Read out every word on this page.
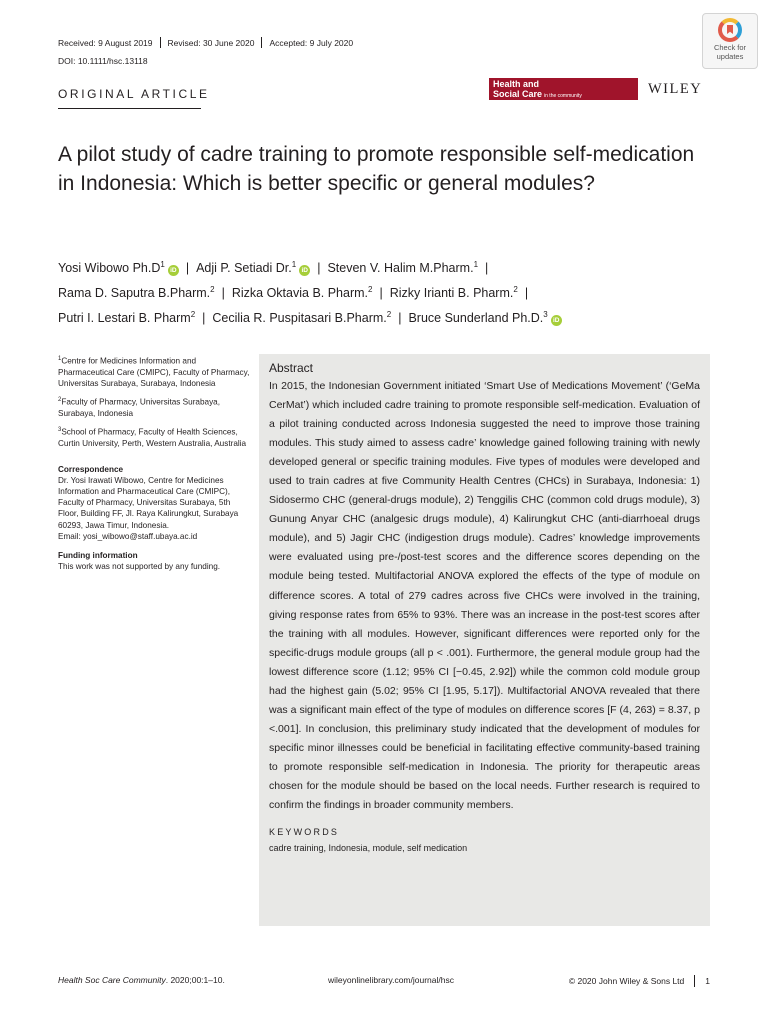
Received: 9 August 2019 Revised: 30 June 2020 Accepted: 9 July 2020
DOI: 10.1111/hsc.13118
Check for
updates
ORIGINAL ARTICLE
Health and
Social Care in the community	WILEY
A pilot study of cadre training to promote responsible self-medication in Indonesia: Which is better specific or general modules?
Yosi Wibowo $Ph.D^1iD$ | Adji P. Setiadi Dr.$^1$iD | Steven V. Halim M.Pharm.$^1$ |
Rama D. Saputra B.Pharm.$^2$ | Rizka Oktavia B. Pharm.$^2$ | Rizky Irianti B. Pharm.$^2$ |
Putri I. Lestari B. Pharm$^2$ | Cecilia R. Puspitasari B.Pharm.$^2$ | Bruce Sunderland Ph.D.$^3$iD

$^1$Centre for Medicines Information and Pharmaceutical Care (CMIPC), Faculty of Pharmacy, Universitas Surabaya, Surabaya, Indonesia

$^2$Faculty of Pharmacy, Universitas Surabaya, Surabaya, Indonesia

$^3$School of Pharmacy, Faculty of Health Sciences, Curtin University, Perth, Western Australia, Australia

Correspondence

Dr. Yosi Irawati Wibowo, Centre for Medicines Information and Pharmaceutical Care (CMIPC), Faculty of Pharmacy, Universitas Surabaya, 5th Floor, Building FF, Jl. Raya Kalirungkut, Surabaya 60293, Jawa Timur, Indonesia.

Email: yosi_wibowo@staff.ubaya.ac.id

Funding information

This work was not supported by any funding.

Abstract
In 2015, the Indonesian Government initiated ‘Smart Use of Medications Movement’ (‘GeMa CerMat’) which included cadre training to promote responsible self-medication. Evaluation of a pilot training conducted across Indonesia suggested the need to improve those training modules. This study aimed to assess cadre’ knowledge gained following training with newly developed general or specific training modules. Five types of modules were developed and used to train cadres at five Community Health Centres (CHCs) in Surabaya, Indonesia: 1) Sidosermo CHC (general-drugs module), 2) Tenggilis CHC (common cold drugs module), 3) Gunung Anyar CHC (analgesic drugs module), 4) Kalirungkut CHC (anti-diarrhoeal drugs module), and 5) Jagir CHC (indigestion drugs module). Cadres’ knowledge improvements were evaluated using pre-/post-test scores and the difference scores depending on the module being tested. Multifactorial ANOVA explored the effects of the type of module on difference scores. A total of 279 cadres across five CHCs were involved in the training, giving response rates from 65% to 93%. There was an increase in the post-test scores after the training with all modules. However, significant differences were reported only for the specific-drugs module groups (all p < .001). Furthermore, the general module group had the lowest difference score (1.12; 95% CI [−0.45, 2.92]) while the common cold module group had the highest gain (5.02; 95% CI [1.95, 5.17]). Multifactorial ANOVA revealed that there was a significant main effect of the type of modules on difference scores [F (4, 263) = 8.37, p <.001]. In conclusion, this preliminary study indicated that the development of modules for specific minor illnesses could be beneficial in facilitating effective community-based training to promote responsible self-medication in Indonesia. The priority for therapeutic areas chosen for the module should be based on the local needs. Further research is required to confirm the findings in broader community members.
KEYWORDS
cadre training, Indonesia, module, self medication
Health Soc Care Community. 2020;00:1–10.	wileyonlinelibrary.com/journal/hsc	© 2020 John Wiley & Sons Ltd 1
